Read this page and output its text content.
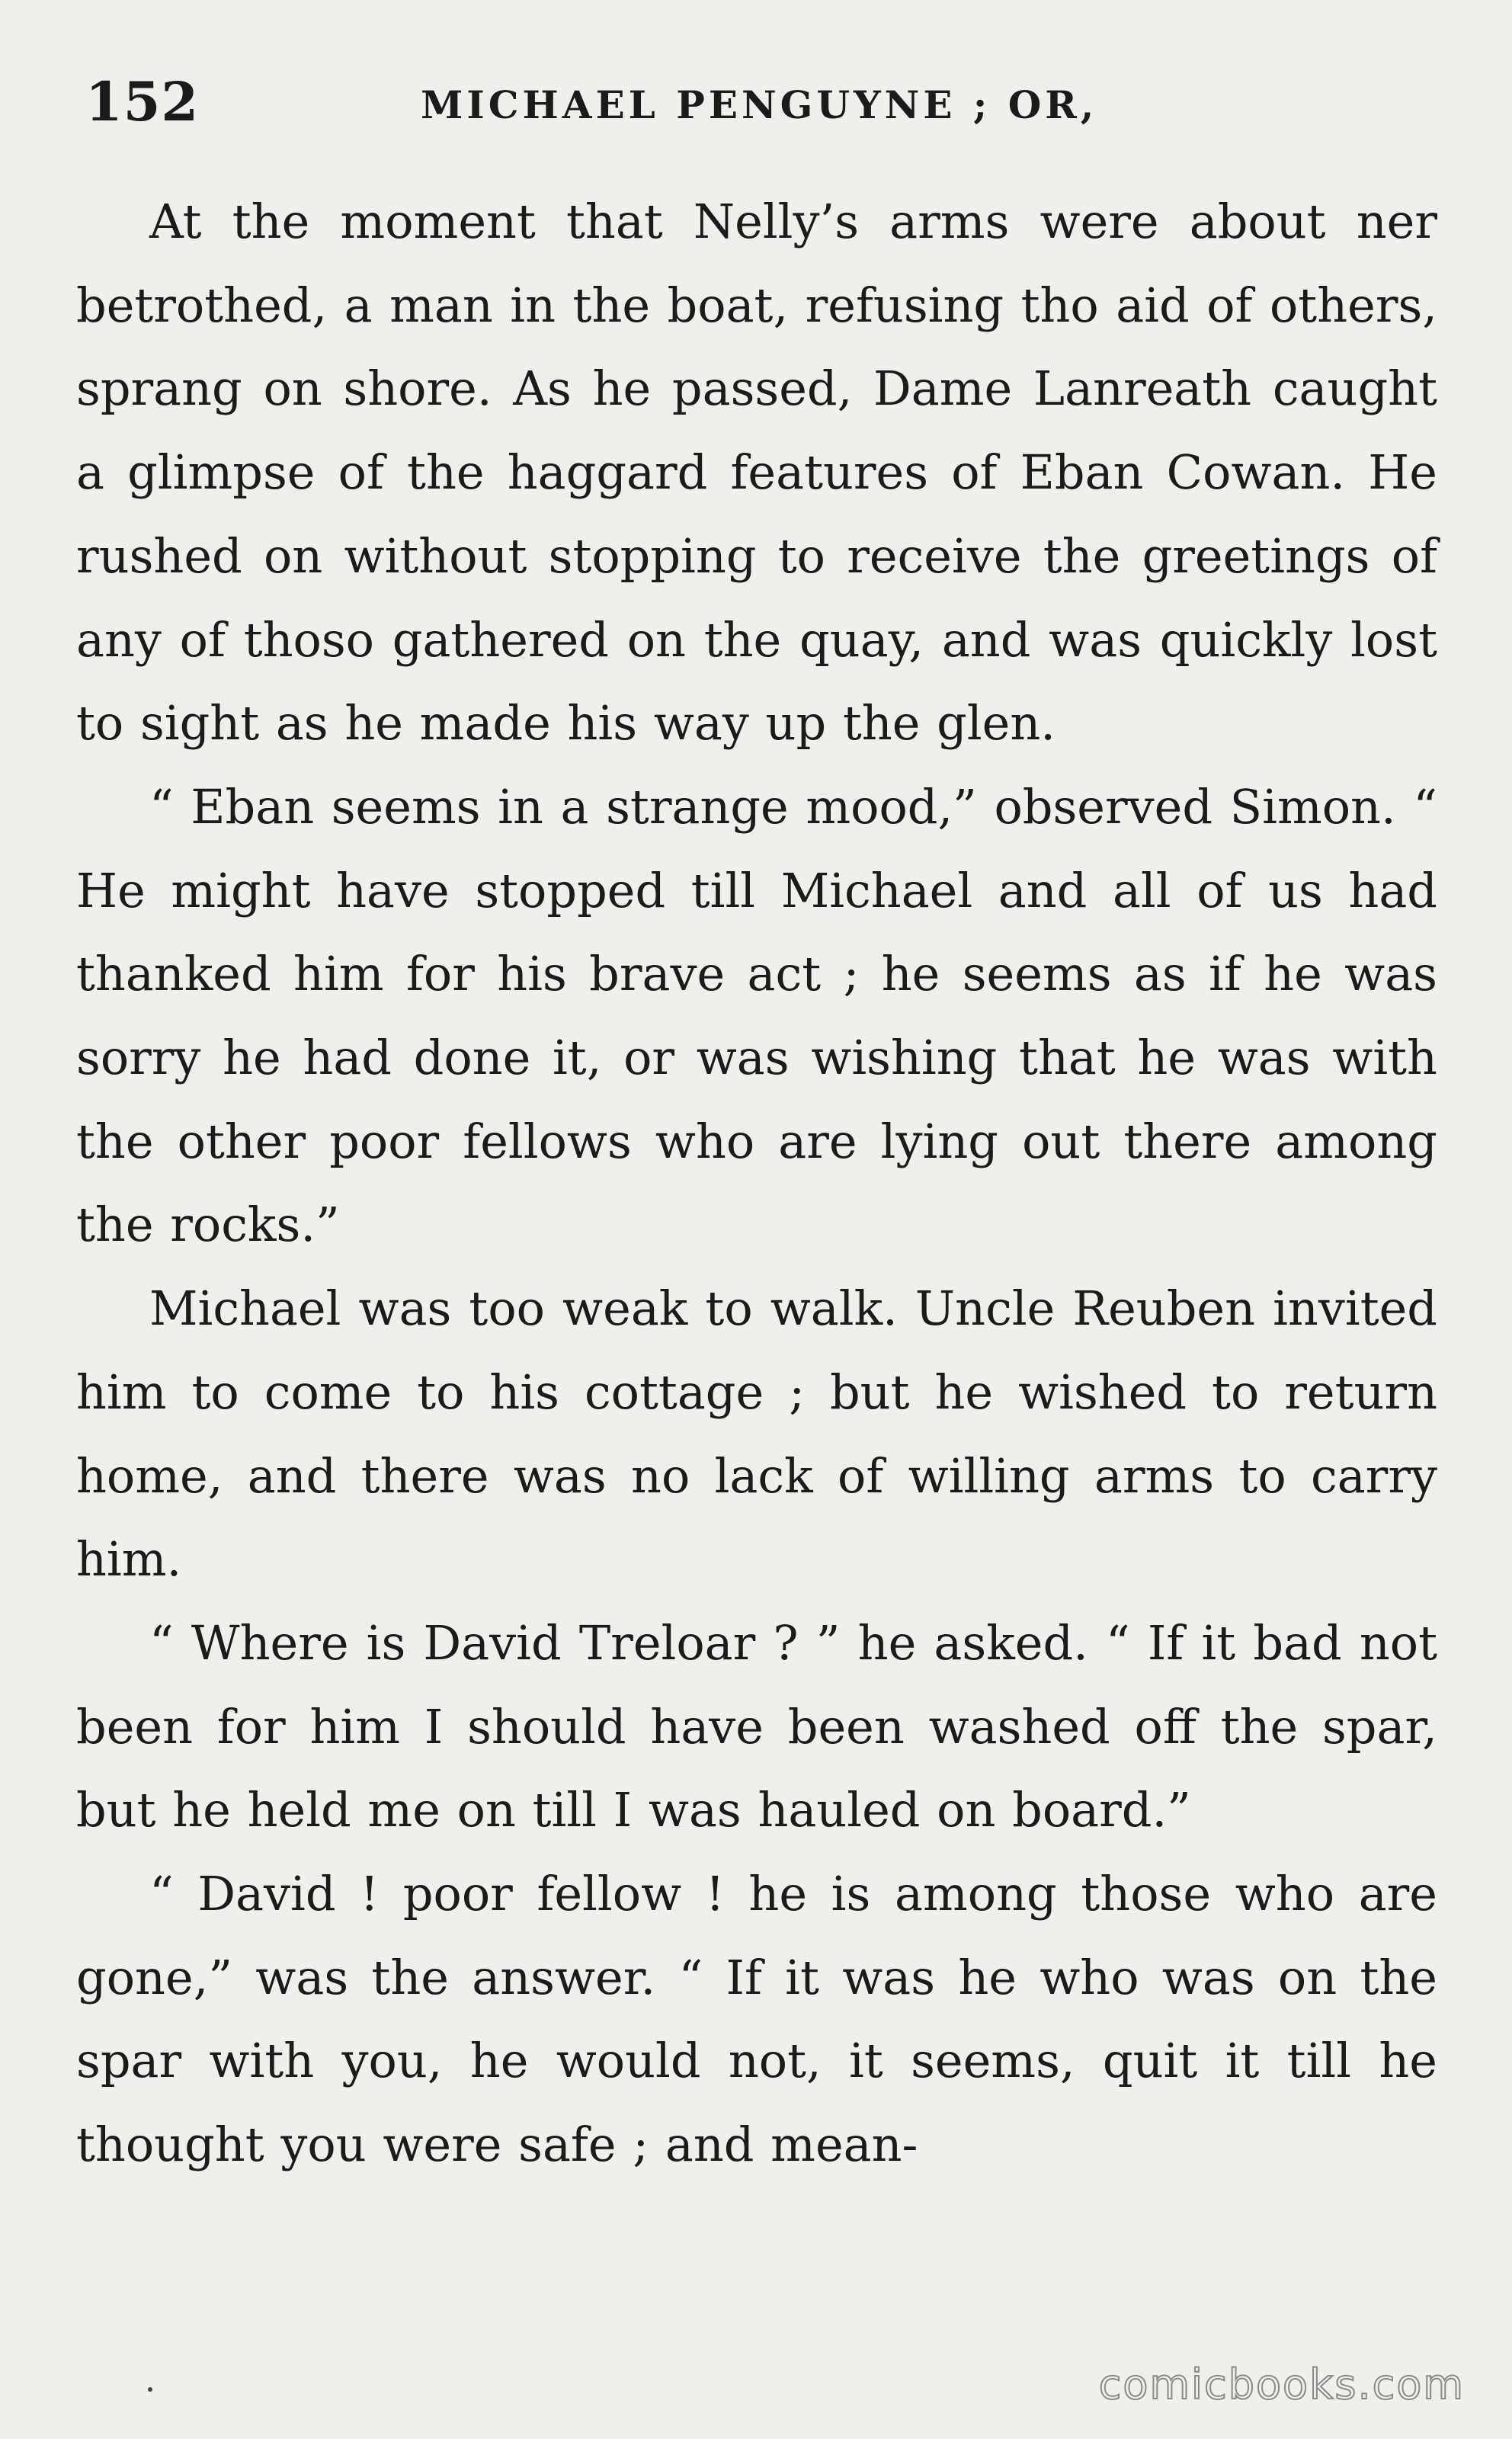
152	MICHAEL PENGUYNE ; OR,

At the moment that Nelly’s arms were about ner betrothed, a man in the boat, refusing tho aid of others, sprang on shore. As he passed, Dame Lanreath caught a glimpse of the haggard features of Eban Cowan. He rushed on without stopping to receive the greetings of any of thoso gathered on the quay, and was quickly lost to sight as he made his way up the glen.

“ Eban seems in a strange mood,” observed Simon. “ He might have stopped till Michael and all of us had thanked him for his brave act ; he seems as if he was sorry he had done it, or was wishing that he was with the other poor fellows who are lying out there among the rocks.”

Michael was too weak to walk. Uncle Reuben invited him to come to his cottage ; but he wished to return home, and there was no lack of willing arms to carry him.

“ Where is David Treloar ? ” he asked. “ If it bad not been for him I should have been washed off the spar, but he held me on till I was hauled on board.”

“ David ! poor fellow ! he is among those who are gone,” was the answer. “ If it was he who was on the spar with you, he would not, it seems, quit it till he thought you were safe ; and mean-

comicbooks.com
